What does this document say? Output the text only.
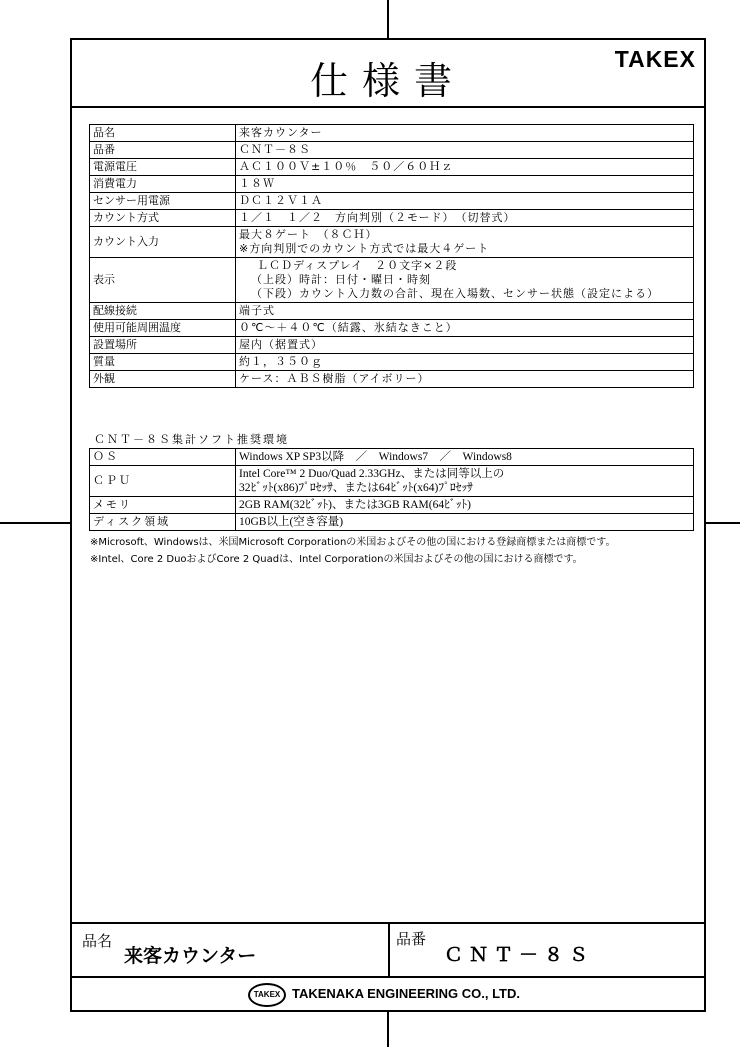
仕様書	TAKEX
品名	来客カウンター

品番	ＣＮＴ－８Ｓ

電源電圧	ＡＣ１００Ｖ±１０％　５０／６０Ｈｚ

消費電力	１８Ｗ

センサー用電源	ＤＣ１２Ｖ１Ａ

カウント方式	１／１　１／２　方向判別（２モード）　（切替式）

カウント入力	最大８ゲート　（８ＣＨ）
※方向判別でのカウント方式では最大４ゲート

表示	ＬＣＤディスプレイ　２０文字×２段
（上段）時計：日付・曜日・時刻
（下段）カウント入力数の合計、現在入場数、センサー状態（設定による）

配線接続	端子式

使用可能周囲温度	０℃～＋４０℃（結露、氷結なきこと）

設置場所	屋内（据置式）

質量	約１，３５０ｇ

外観	ケース：ＡＢＳ樹脂（アイボリー）
ＣＮＴ－８Ｓ集計ソフト推奨環境
ＯＳ	Windows XP SP3以降　／　Windows7　／　Windows8

ＣＰＵ	Intel Core™ 2 Duo/Quad 2.33GHz、または同等以上の
32ﾋﾞｯﾄ(x86)ﾌﾟﾛｾｯｻ、または64ﾋﾞｯﾄ(x64)ﾌﾟﾛｾｯｻ

メモリ	2GB RAM(32ﾋﾞｯﾄ)、または3GB RAM(64ﾋﾞｯﾄ)

ディスク領域	10GB以上(空き容量)
※Microsoft、Windowsは、米国Microsoft Corporationの米国およびその他の国における登録商標または商標です。
※Intel、Core 2 DuoおよびCore 2 Quadは、Intel Corporationの米国およびその他の国における商標です。
品名
来客カウンター
品番
ＣＮＴ－８Ｓ
TAKEX TAKENAKA ENGINEERING CO., LTD.
